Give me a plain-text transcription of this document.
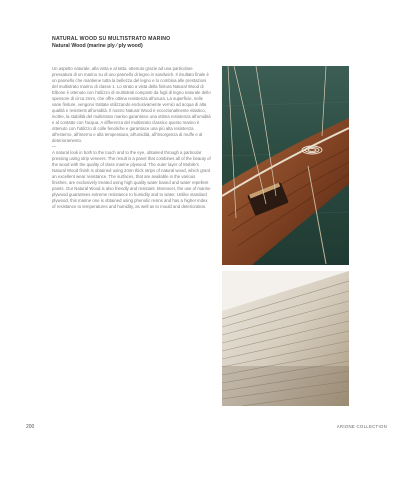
NATURAL WOOD SU MULTISTRATO MARINO
Natural Wood (marine ply ⁄ ply wood)

Un aspetto naturale, alla vista e al tatto, ottenuto grazie ad una particolare pressatura di un marino su di uno pannello di legno in sandwich. Il risultato finale è un pannello che mantiene tutta la bellezza del legno e lo combina alle prestazioni del multistrato marino di classe 1. Lo strato a vista della finitura Natural Wood di Elbone è ottenuto con l'utilizzo di multistrati composti da fogli di legno naturale dello spessore di circa 2mm, che offre ottima resistenza all'usura. La superficie, nelle varie finiture, vengono trattate utilizzando esclusivamente vernici ad acqua di alta qualità e resistenti all'umidità. Il nostro Natural Wood è eccezionalmente elastico, inoltre, la stabilità del multistrato marino garantisce una ottima resistenza all'umidità e al contatto con l'acqua. A differenza del multistrato classico questo marino è ottenuto con l'utilizzo di colle fenoliche e garantisce una più alta resistenza all'esterno, all'interno e alla temperatura, all'umidità, all'insorgenza di muffe e al deterioramento.

—

A natural look in both to the touch and to the eye, obtained through a particular pressing using strip veneers. The result is a panel that combines all of the beauty of the wood with the quality of class marine plywood. The outer layer of Mobile's Natural Wood finish is obtained using 2mm thick strips of natural wood, which grant an excellent wear resistance. The surfaces, that are available in the various finishes, are exclusively treated using high quality water based and water repellent paints. Our Natural Wood is also friendly and resistant. Moreover, the use of marine plywood guarantees extreme resistance to humidity and to water. Unlike standard plywood, this marine one is obtained using phenolic resins and has a higher index of resistance to temperatures and humidity, as well as to mould and deterioration.

200	ARIONE COLLECTION
